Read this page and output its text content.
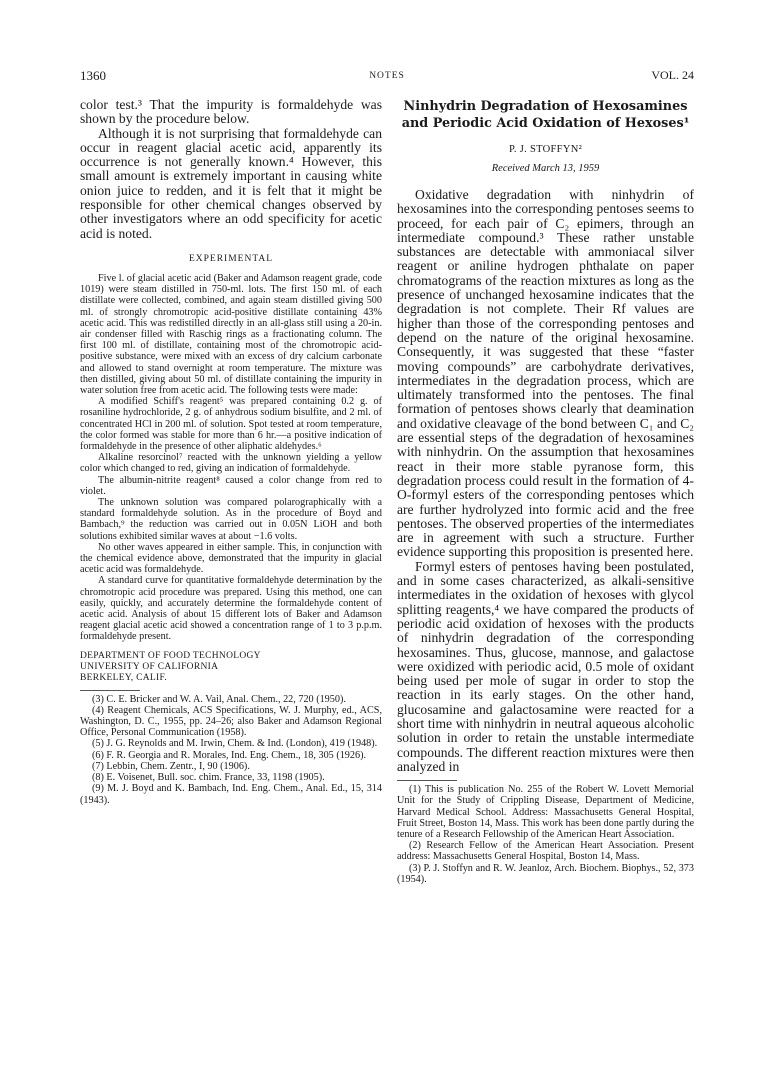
1360	NOTES	VOL. 24

color test.³ That the impurity is formaldehyde was shown by the procedure below.

Although it is not surprising that formaldehyde can occur in reagent glacial acetic acid, apparently its occurrence is not generally known.⁴ However, this small amount is extremely important in causing white onion juice to redden, and it is felt that it might be responsible for other chemical changes observed by other investigators where an odd specificity for acetic acid is noted.

EXPERIMENTAL

Five l. of glacial acetic acid (Baker and Adamson reagent grade, code 1019) were steam distilled in 750-ml. lots. The first 150 ml. of each distillate were collected, combined, and again steam distilled giving 500 ml. of strongly chromotropic acid-positive distillate containing 43% acetic acid. This was redistilled directly in an all-glass still using a 20-in. air condenser filled with Raschig rings as a fractionating column. The first 100 ml. of distillate, containing most of the chromotropic acid-positive substance, were mixed with an excess of dry calcium carbonate and allowed to stand overnight at room temperature. The mixture was then distilled, giving about 50 ml. of distillate containing the impurity in water solution free from acetic acid. The following tests were made:

A modified Schiff's reagent⁵ was prepared containing 0.2 g. of rosaniline hydrochloride, 2 g. of anhydrous sodium bisulfite, and 2 ml. of concentrated HCl in 200 ml. of solution. Spot tested at room temperature, the color formed was stable for more than 6 hr.—a positive indication of formaldehyde in the presence of other aliphatic aldehydes.⁶

Alkaline resorcinol⁷ reacted with the unknown yielding a yellow color which changed to red, giving an indication of formaldehyde.

The albumin-nitrite reagent⁸ caused a color change from red to violet.

The unknown solution was compared polarographically with a standard formaldehyde solution. As in the procedure of Boyd and Bambach,⁹ the reduction was carried out in 0.05N LiOH and both solutions exhibited similar waves at about −1.6 volts.

No other waves appeared in either sample. This, in conjunction with the chemical evidence above, demonstrated that the impurity in glacial acetic acid was formaldehyde.

A standard curve for quantitative formaldehyde determination by the chromotropic acid procedure was prepared. Using this method, one can easily, quickly, and accurately determine the formaldehyde content of acetic acid. Analysis of about 15 different lots of Baker and Adamson reagent glacial acetic acid showed a concentration range of 1 to 3 p.p.m. formaldehyde present.

DEPARTMENT OF FOOD TECHNOLOGY
UNIVERSITY OF CALIFORNIA
BERKELEY, CALIF.

(3) C. E. Bricker and W. A. Vail, Anal. Chem., 22, 720 (1950).

(4) Reagent Chemicals, ACS Specifications, W. J. Murphy, ed., ACS, Washington, D. C., 1955, pp. 24–26; also Baker and Adamson Regional Office, Personal Communication (1958).

(5) J. G. Reynolds and M. Irwin, Chem. & Ind. (London), 419 (1948).

(6) F. R. Georgia and R. Morales, Ind. Eng. Chem., 18, 305 (1926).

(7) Lebbin, Chem. Zentr., I, 90 (1906).

(8) E. Voisenet, Bull. soc. chim. France, 33, 1198 (1905).

(9) M. J. Boyd and K. Bambach, Ind. Eng. Chem., Anal. Ed., 15, 314 (1943).

Ninhydrin Degradation of Hexosamines and Periodic Acid Oxidation of Hexoses¹

P. J. STOFFYN²
Received March 13, 1959

Oxidative degradation with ninhydrin of hexosamines into the corresponding pentoses seems to proceed, for each pair of C₂ epimers, through an intermediate compound.³ These rather unstable substances are detectable with ammoniacal silver reagent or aniline hydrogen phthalate on paper chromatograms of the reaction mixtures as long as the presence of unchanged hexosamine indicates that the degradation is not complete. Their Rf values are higher than those of the corresponding pentoses and depend on the nature of the original hexosamine. Consequently, it was suggested that these “faster moving compounds” are carbohydrate derivatives, intermediates in the degradation process, which are ultimately transformed into the pentoses. The final formation of pentoses shows clearly that deamination and oxidative cleavage of the bond between C₁ and C₂ are essential steps of the degradation of hexosamines with ninhydrin. On the assumption that hexosamines react in their more stable pyranose form, this degradation process could result in the formation of 4-O-formyl esters of the corresponding pentoses which are further hydrolyzed into formic acid and the free pentoses. The observed properties of the intermediates are in agreement with such a structure. Further evidence supporting this proposition is presented here.

Formyl esters of pentoses having been postulated, and in some cases characterized, as alkali-sensitive intermediates in the oxidation of hexoses with glycol splitting reagents,⁴ we have compared the products of periodic acid oxidation of hexoses with the products of ninhydrin degradation of the corresponding hexosamines. Thus, glucose, mannose, and galactose were oxidized with periodic acid, 0.5 mole of oxidant being used per mole of sugar in order to stop the reaction in its early stages. On the other hand, glucosamine and galactosamine were reacted for a short time with ninhydrin in neutral aqueous alcoholic solution in order to retain the unstable intermediate compounds. The different reaction mixtures were then analyzed in

(1) This is publication No. 255 of the Robert W. Lovett Memorial Unit for the Study of Crippling Disease, Department of Medicine, Harvard Medical School. Address: Massachusetts General Hospital, Fruit Street, Boston 14, Mass. This work has been done partly during the tenure of a Research Fellowship of the American Heart Association.

(2) Research Fellow of the American Heart Association. Present address: Massachusetts General Hospital, Boston 14, Mass.

(3) P. J. Stoffyn and R. W. Jeanloz, Arch. Biochem. Biophys., 52, 373 (1954).
